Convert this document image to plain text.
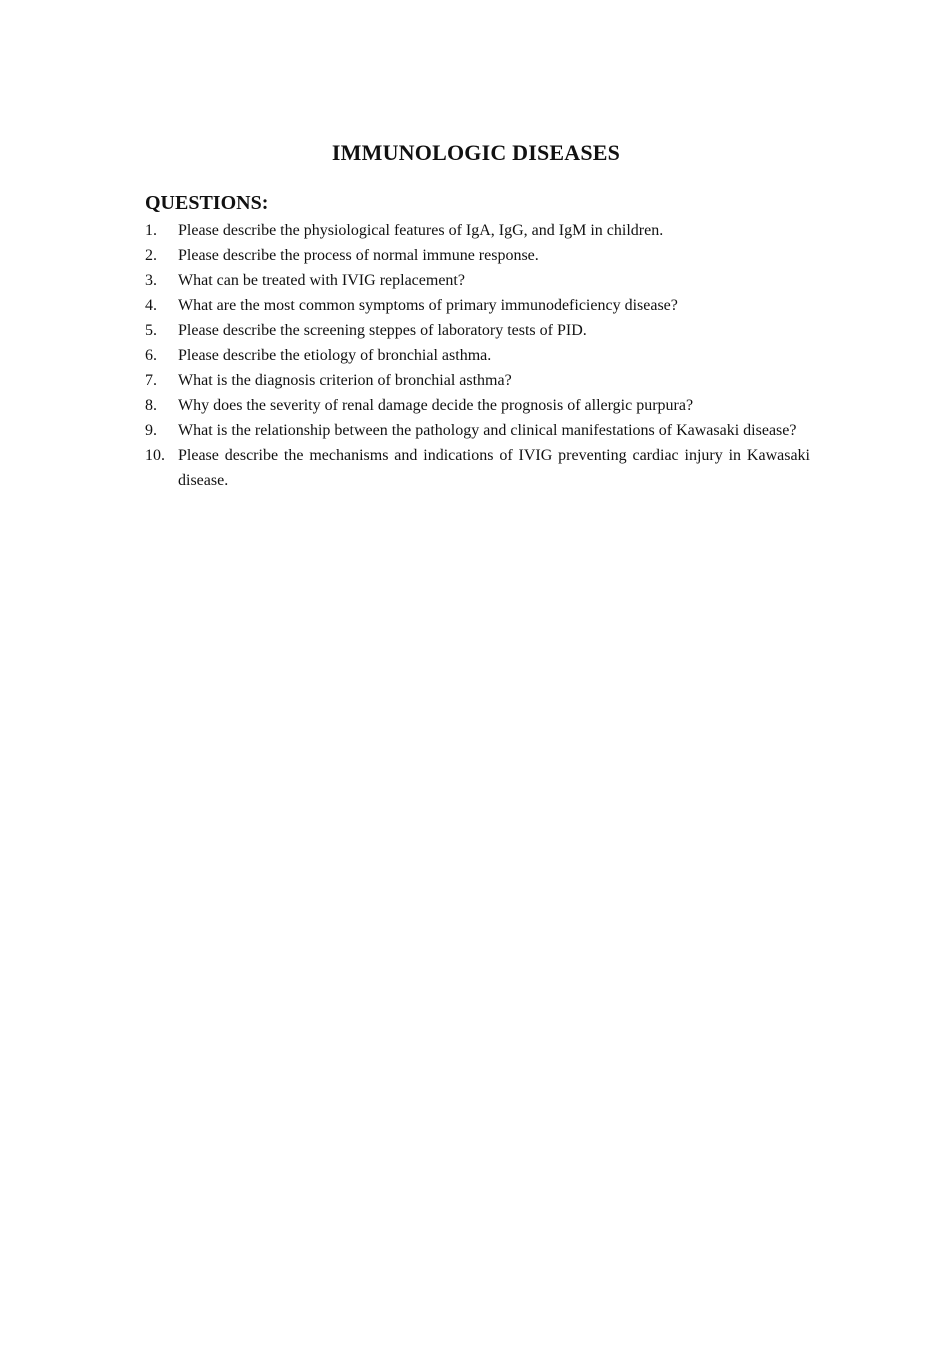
IMMUNOLOGIC DISEASES
QUESTIONS:
1.	Please describe the physiological features of IgA, IgG, and IgM in children.
2.	Please describe the process of normal immune response.
3.	What can be treated with IVIG replacement?
4.	What are the most common symptoms of primary immunodeficiency disease?
5.	Please describe the screening steppes of laboratory tests of PID.
6.	Please describe the etiology of bronchial asthma.
7.	What is the diagnosis criterion of bronchial asthma?
8.	Why does the severity of renal damage decide the prognosis of allergic purpura?
9.	What is the relationship between the pathology and clinical manifestations of Kawasaki disease?
10. Please describe the mechanisms and indications of IVIG preventing cardiac injury in Kawasaki disease.
